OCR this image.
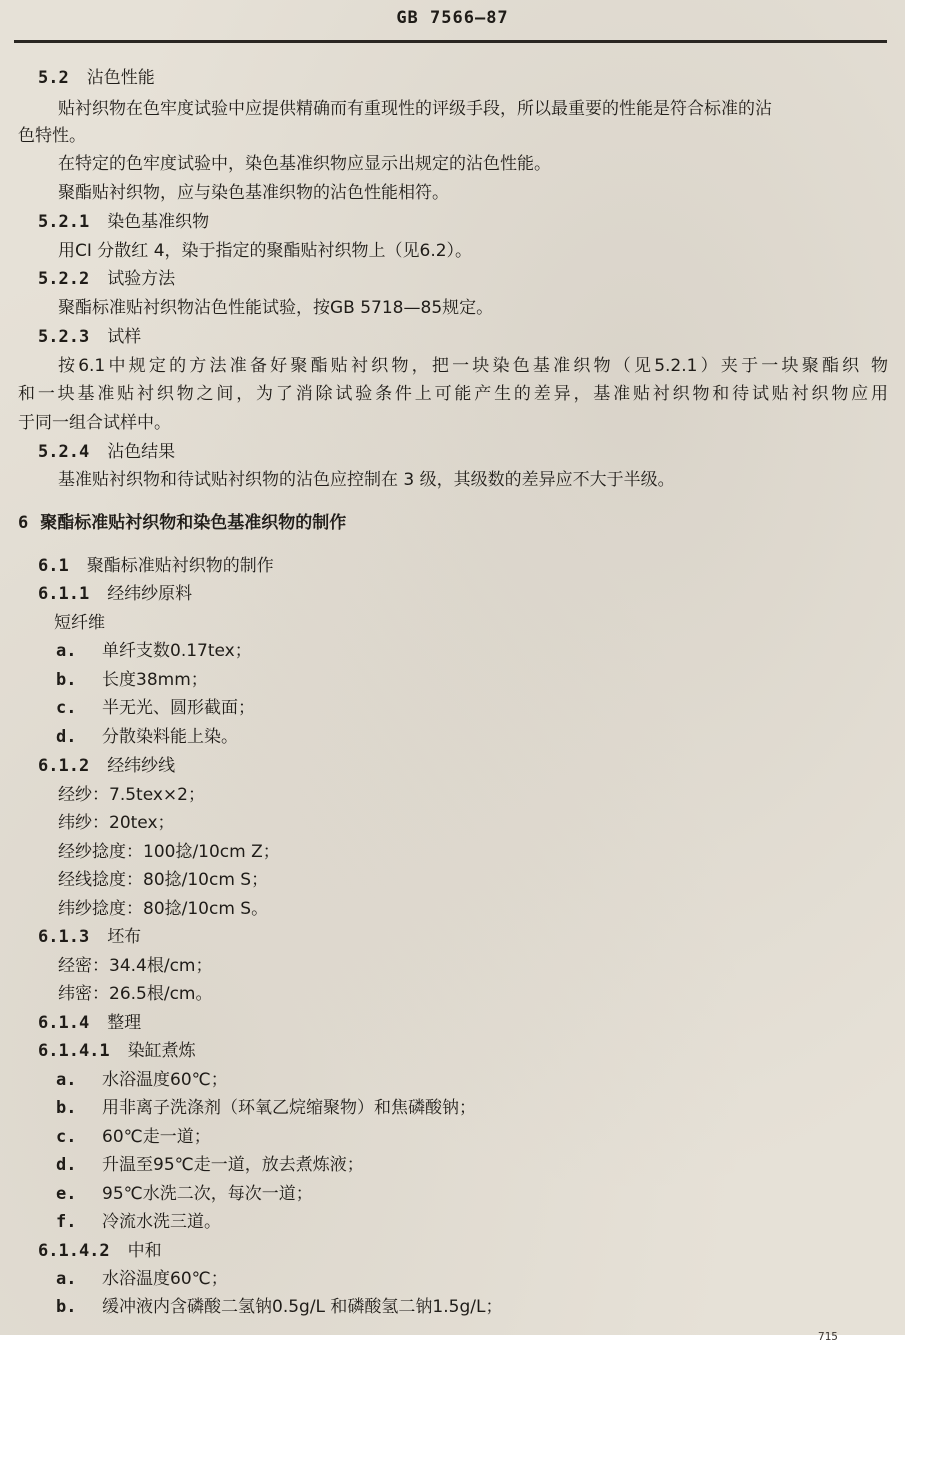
GB 7566—87
5.2 沾色性能
贴衬织物在色牢度试验中应提供精确而有重现性的评级手段，所以最重要的性能是符合标准的沾
色特性。
在特定的色牢度试验中，染色基准织物应显示出规定的沾色性能。
聚酯贴衬织物，应与染色基准织物的沾色性能相符。
5.2.1 染色基准织物
用CI 分散红 4，染于指定的聚酯贴衬织物上（见6.2）。
5.2.2 试验方法
聚酯标准贴衬织物沾色性能试验，按GB 5718—85规定。
5.2.3 试样
按6.1中规定的方法准备好聚酯贴衬织物，把一块染色基准织物（见5.2.1）夹于一块聚酯织 物
和一块基准贴衬织物之间，为了消除试验条件上可能产生的差异，基准贴衬织物和待试贴衬织物应用
于同一组合试样中。
5.2.4 沾色结果
基准贴衬织物和待试贴衬织物的沾色应控制在 3 级，其级数的差异应不大于半级。
6 聚酯标准贴衬织物和染色基准织物的制作
6.1 聚酯标准贴衬织物的制作
6.1.1 经纬纱原料
短纤维
a. 单纤支数0.17tex；
b. 长度38mm；
c. 半无光、圆形截面；
d. 分散染料能上染。
6.1.2 经纬纱线
经纱：7.5tex×2；
纬纱：20tex；
经纱捻度：100捻/10cm Z；
经线捻度：80捻/10cm S；
纬纱捻度：80捻/10cm S。
6.1.3 坯布
经密：34.4根/cm；
纬密：26.5根/cm。
6.1.4 整理
6.1.4.1 染缸煮炼
a. 水浴温度60℃；
b. 用非离子洗涤剂（环氧乙烷缩聚物）和焦磷酸钠；
c. 60℃走一道；
d. 升温至95℃走一道，放去煮炼液；
e. 95℃水洗二次，每次一道；
f. 冷流水洗三道。
6.1.4.2 中和
a. 水浴温度60℃；
b. 缓冲液内含磷酸二氢钠0.5g/L 和磷酸氢二钠1.5g/L；
715
